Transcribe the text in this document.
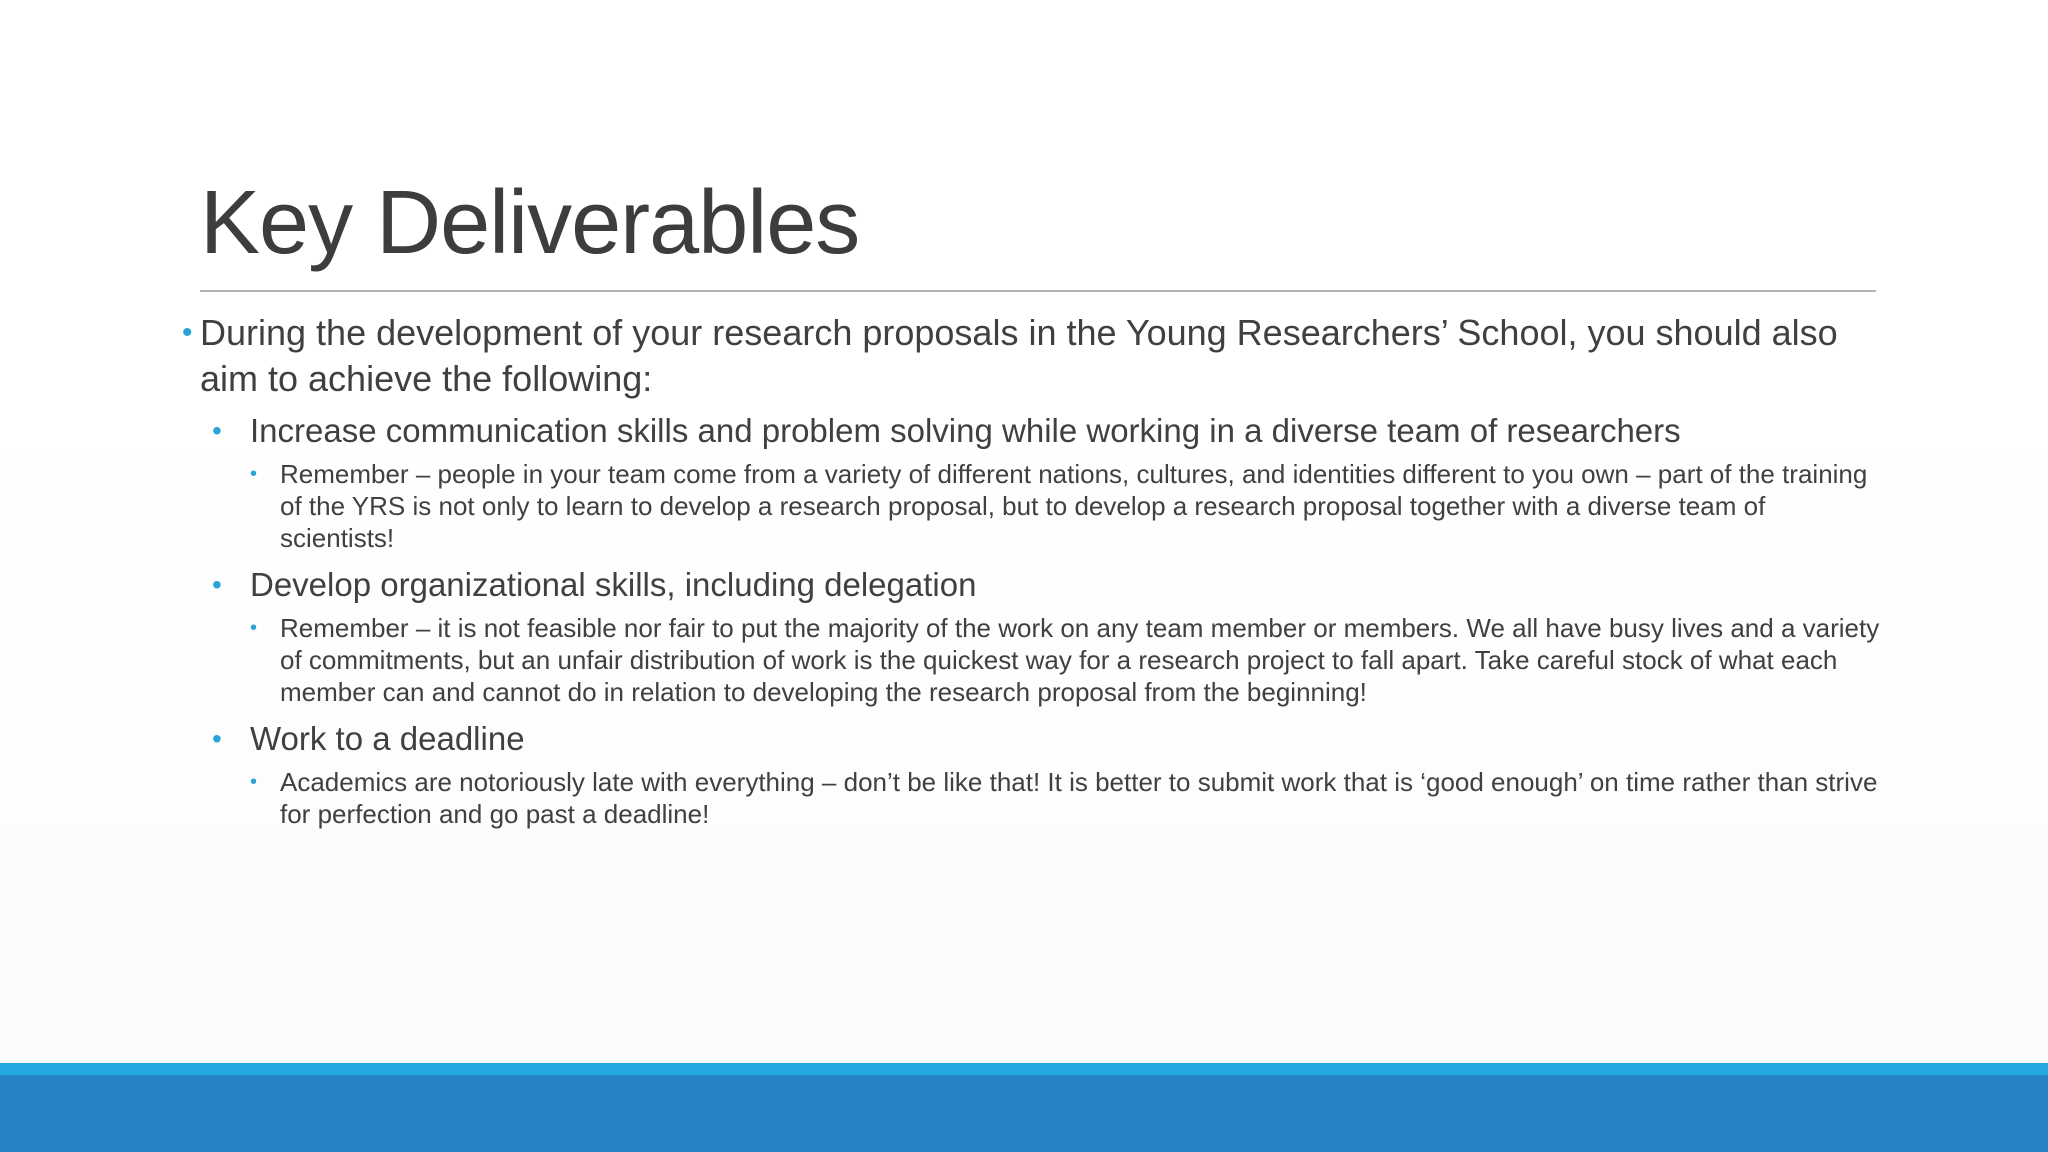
Key Deliverables
• During the development of your research proposals in the Young Researchers’ School, you should also aim to achieve the following:
• Increase communication skills and problem solving while working in a diverse team of researchers
• Remember – people in your team come from a variety of different nations, cultures, and identities different to you own – part of the training of the YRS is not only to learn to develop a research proposal, but to develop a research proposal together with a diverse team of scientists!
• Develop organizational skills, including delegation
• Remember – it is not feasible nor fair to put the majority of the work on any team member or members. We all have busy lives and a variety of commitments, but an unfair distribution of work is the quickest way for a research project to fall apart. Take careful stock of what each member can and cannot do in relation to developing the research proposal from the beginning!
• Work to a deadline
• Academics are notoriously late with everything – don’t be like that! It is better to submit work that is ‘good enough’ on time rather than strive for perfection and go past a deadline!
